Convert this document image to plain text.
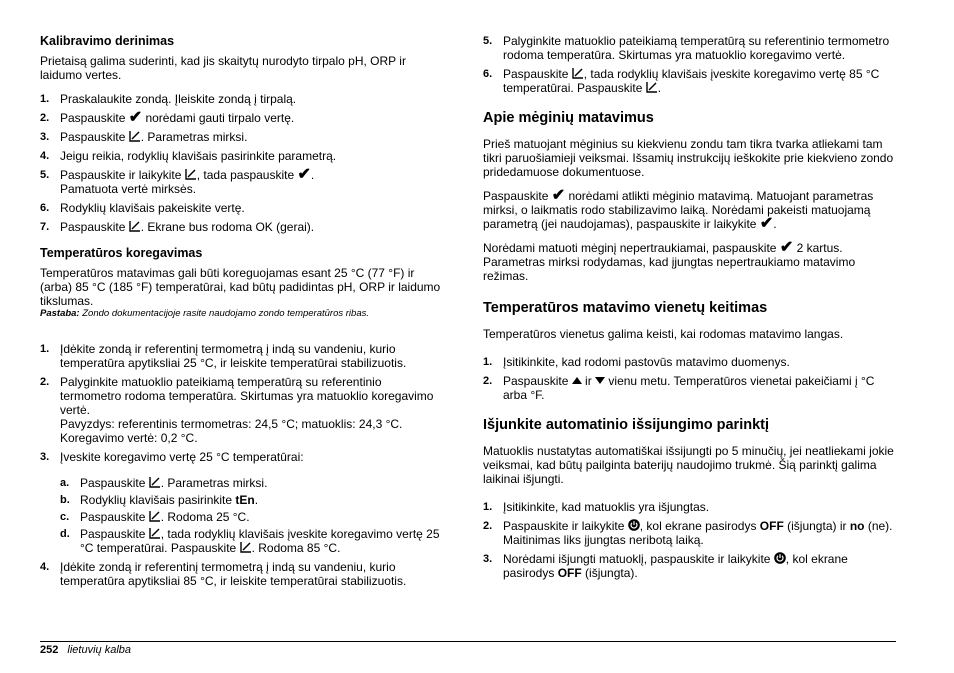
Kalibravimo derinimas

Prietaisą galima suderinti, kad jis skaitytų nurodyto tirpalo pH, ORP ir laidumo vertes.

1. Praskalaukite zondą. Įleiskite zondą į tirpalą.
2. Paspauskite ✔ norėdami gauti tirpalo vertę.
3. Paspauskite . Parametras mirksi.
4. Jeigu reikia, rodyklių klavišais pasirinkite parametrą.
5. Paspauskite ir laikykite , tada paspauskite ✔.
Pamatuota vertė mirksės.
6. Rodyklių klavišais pakeiskite vertę.
7. Paspauskite . Ekrane bus rodoma OK (gerai).
Temperatūros koregavimas

Temperatūros matavimas gali būti koreguojamas esant 25 °C (77 °F) ir (arba) 85 °C (185 °F) temperatūrai, kad būtų padidintas pH, ORP ir laidumo tikslumas.

Pastaba: Zondo dokumentacijoje rasite naudojamo zondo temperatūros ribas.

1. Įdėkite zondą ir referentinį termometrą į indą su vandeniu, kurio temperatūra apytiksliai 25 °C, ir leiskite temperatūrai stabilizuotis.
2. Palyginkite matuoklio pateikiamą temperatūrą su referentinio termometro rodoma temperatūra. Skirtumas yra matuoklio koregavimo vertė.
Pavyzdys: referentinis termometras: 24,5 °C; matuoklis: 24,3 °C. Koregavimo vertė: 0,2 °C.
3. Įveskite koregavimo vertę 25 °C temperatūrai:
a. Paspauskite . Parametras mirksi.
b. Rodyklių klavišais pasirinkite tEn.
c. Paspauskite . Rodoma 25 °C.
d. Paspauskite , tada rodyklių klavišais įveskite koregavimo vertę 25 °C temperatūrai. Paspauskite . Rodoma 85 °C.
4. Įdėkite zondą ir referentinį termometrą į indą su vandeniu, kurio temperatūra apytiksliai 85 °C, ir leiskite temperatūrai stabilizuotis.
5. Palyginkite matuoklio pateikiamą temperatūrą su referentinio termometro rodoma temperatūra. Skirtumas yra matuoklio koregavimo vertė.
6. Paspauskite , tada rodyklių klavišais įveskite koregavimo vertę 85 °C temperatūrai. Paspauskite .
Apie mėginių matavimus

Prieš matuojant mėginius su kiekvienu zondu tam tikra tvarka atliekami tam tikri paruošiamieji veiksmai. Išsamių instrukcijų ieškokite prie kiekvieno zondo pridedamuose dokumentuose.

Paspauskite ✔ norėdami atlikti mėginio matavimą. Matuojant parametras mirksi, o laikmatis rodo stabilizavimo laiką. Norėdami pakeisti matuojamą parametrą (jei naudojamas), paspauskite ir laikykite ✔.

Norėdami matuoti mėginį nepertraukiamai, paspauskite ✔ 2 kartus. Parametras mirksi rodydamas, kad įjungtas nepertraukiamo matavimo režimas.

Temperatūros matavimo vienetų keitimas

Temperatūros vienetus galima keisti, kai rodomas matavimo langas.

1. Įsitikinkite, kad rodomi pastovūs matavimo duomenys.
2. Paspauskite  ir  vienu metu. Temperatūros vienetai pakeičiami į °C arba °F.
Išjunkite automatinio išsijungimo parinktį

Matuoklis nustatytas automatiškai išsijungti po 5 minučių, jei neatliekami jokie veiksmai, kad būtų pailginta baterijų naudojimo trukmė. Šią parinktį galima laikinai išjungti.

1. Įsitikinkite, kad matuoklis yra išjungtas.
2. Paspauskite ir laikykite , kol ekrane pasirodys OFF (išjungta) ir no (ne). Maitinimas liks įjungtas neribotą laiką.
3. Norėdami išjungti matuoklį, paspauskite ir laikykite , kol ekrane pasirodys OFF (išjungta).
252 lietuvių kalba
